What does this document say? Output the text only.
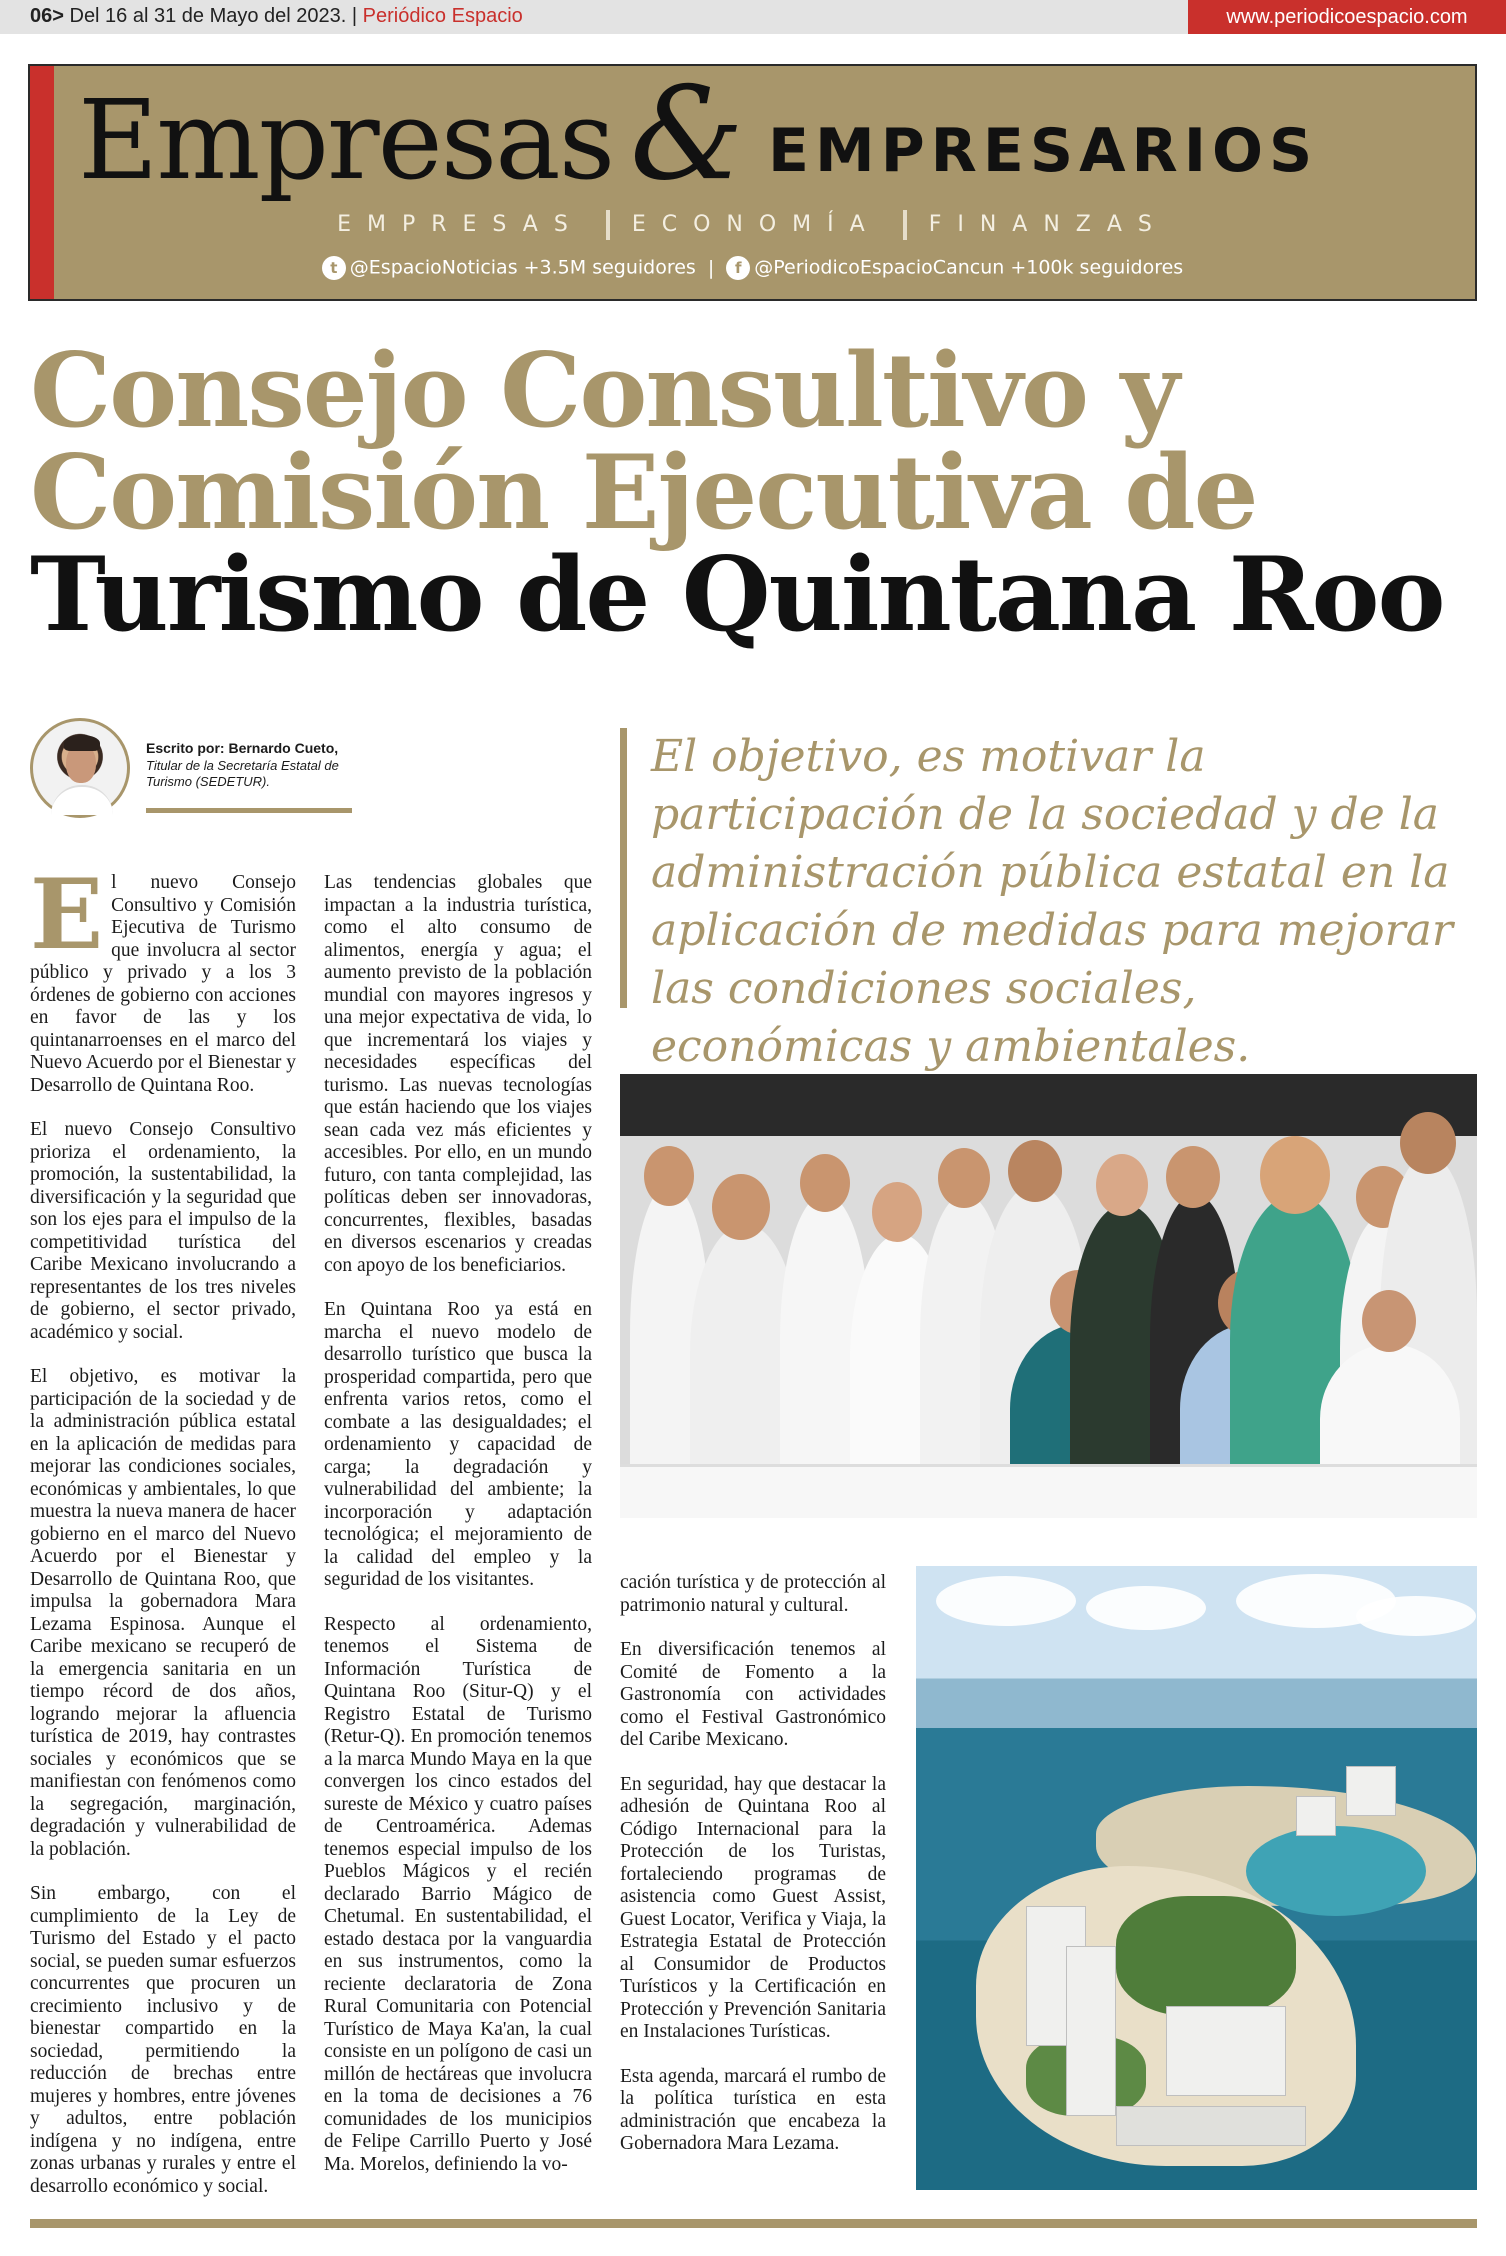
06> Del 16 al 31 de Mayo del 2023. | Periódico Espacio	www.periodicoespacio.com
Empresas & EMPRESARIOS
EMPRESAS ECONOMÍA FINANZAS
t @EspacioNoticias +3.5M seguidores | f @PeriodicoEspacioCancun +100k seguidores
Consejo Consultivo y
Comisión Ejecutiva de
Turismo de Quintana Roo
Escrito por: Bernardo Cueto,
Titular de la Secretaría Estatal de Turismo (SEDETUR).	El objetivo, es motivar la participación de la sociedad y de la administración pública estatal en la aplicación de medidas para mejorar las condiciones sociales, económicas y ambientales.

El nuevo Consejo Consultivo y Comisión Ejecutiva de Turismo que involucra al sector público y privado y a los 3 órdenes de gobierno con acciones en favor de las y los quintanarroenses en el marco del Nuevo Acuerdo por el Bienestar y Desarrollo de Quintana Roo.

El nuevo Consejo Consultivo prioriza el ordenamiento, la promoción, la sustentabilidad, la diversificación y la seguridad que son los ejes para el impulso de la competitividad turística del Caribe Mexicano involucrando a representantes de los tres niveles de gobierno, el sector privado, académico y social.

El objetivo, es motivar la participación de la sociedad y de la administración pública estatal en la aplicación de medidas para mejorar las condiciones sociales, económicas y ambientales, lo que muestra la nueva manera de hacer gobierno en el marco del Nuevo Acuerdo por el Bienestar y Desarrollo de Quintana Roo, que impulsa la gobernadora Mara Lezama Espinosa. Aunque el Caribe mexicano se recuperó de la emergencia sanitaria en un tiempo récord de dos años, logrando mejorar la afluencia turística de 2019, hay contrastes sociales y económicos que se manifiestan con fenómenos como la segregación, marginación, degradación y vulnerabilidad de la población.

Sin embargo, con el cumplimiento de la Ley de Turismo del Estado y el pacto social, se pueden sumar esfuerzos concurrentes que procuren un crecimiento inclusivo y de bienestar compartido en la sociedad, permitiendo la reducción de brechas entre mujeres y hombres, entre jóvenes y adultos, entre población indígena y no indígena, entre zonas urbanas y rurales y entre el desarrollo económico y social.

Las tendencias globales que impactan a la industria turística, como el alto consumo de alimentos, energía y agua; el aumento previsto de la población mundial con mayores ingresos y una mejor expectativa de vida, lo que incrementará los viajes y necesidades específicas del turismo. Las nuevas tecnologías que están haciendo que los viajes sean cada vez más eficientes y accesibles. Por ello, en un mundo futuro, con tanta complejidad, las políticas deben ser innovadoras, concurrentes, flexibles, basadas en diversos escenarios y creadas con apoyo de los beneficiarios.

En Quintana Roo ya está en marcha el nuevo modelo de desarrollo turístico que busca la prosperidad compartida, pero que enfrenta varios retos, como el combate a las desigualdades; el ordenamiento y capacidad de carga; la degradación y vulnerabilidad del ambiente; la incorporación y adaptación tecnológica; el mejoramiento de la calidad del empleo y la seguridad de los visitantes.

Respecto al ordenamiento, tenemos el Sistema de Información Turística de Quintana Roo (Situr-Q) y el Registro Estatal de Turismo (Retur-Q). En promoción tenemos a la marca Mundo Maya en la que convergen los cinco estados del sureste de México y cuatro países de Centroamérica. Ademas tenemos especial impulso de los Pueblos Mágicos y el recién declarado Barrio Mágico de Chetumal. En sustentabilidad, el estado destaca por la vanguardia en sus instrumentos, como la reciente declaratoria de Zona Rural Comunitaria con Potencial Turístico de Maya Ka'an, la cual consiste en un polígono de casi un millón de hectáreas que involucra en la toma de decisiones a 76 comunidades de los municipios de Felipe Carrillo Puerto y José Ma. Morelos, definiendo la vo-

cación turística y de protección al patrimonio natural y cultural.

En diversificación tenemos al Comité de Fomento a la Gastronomía con actividades como el Festival Gastronómico del Caribe Mexicano.

En seguridad, hay que destacar la adhesión de Quintana Roo al Código Internacional para la Protección de los Turistas, fortaleciendo programas de asistencia como Guest Assist, Guest Locator, Verifica y Viaja, la Estrategia Estatal de Protección al Consumidor de Productos Turísticos y la Certificación en Protección y Prevención Sanitaria en Instalaciones Turísticas.

Esta agenda, marcará el rumbo de la política turística en esta administración que encabeza la Gobernadora Mara Lezama.
